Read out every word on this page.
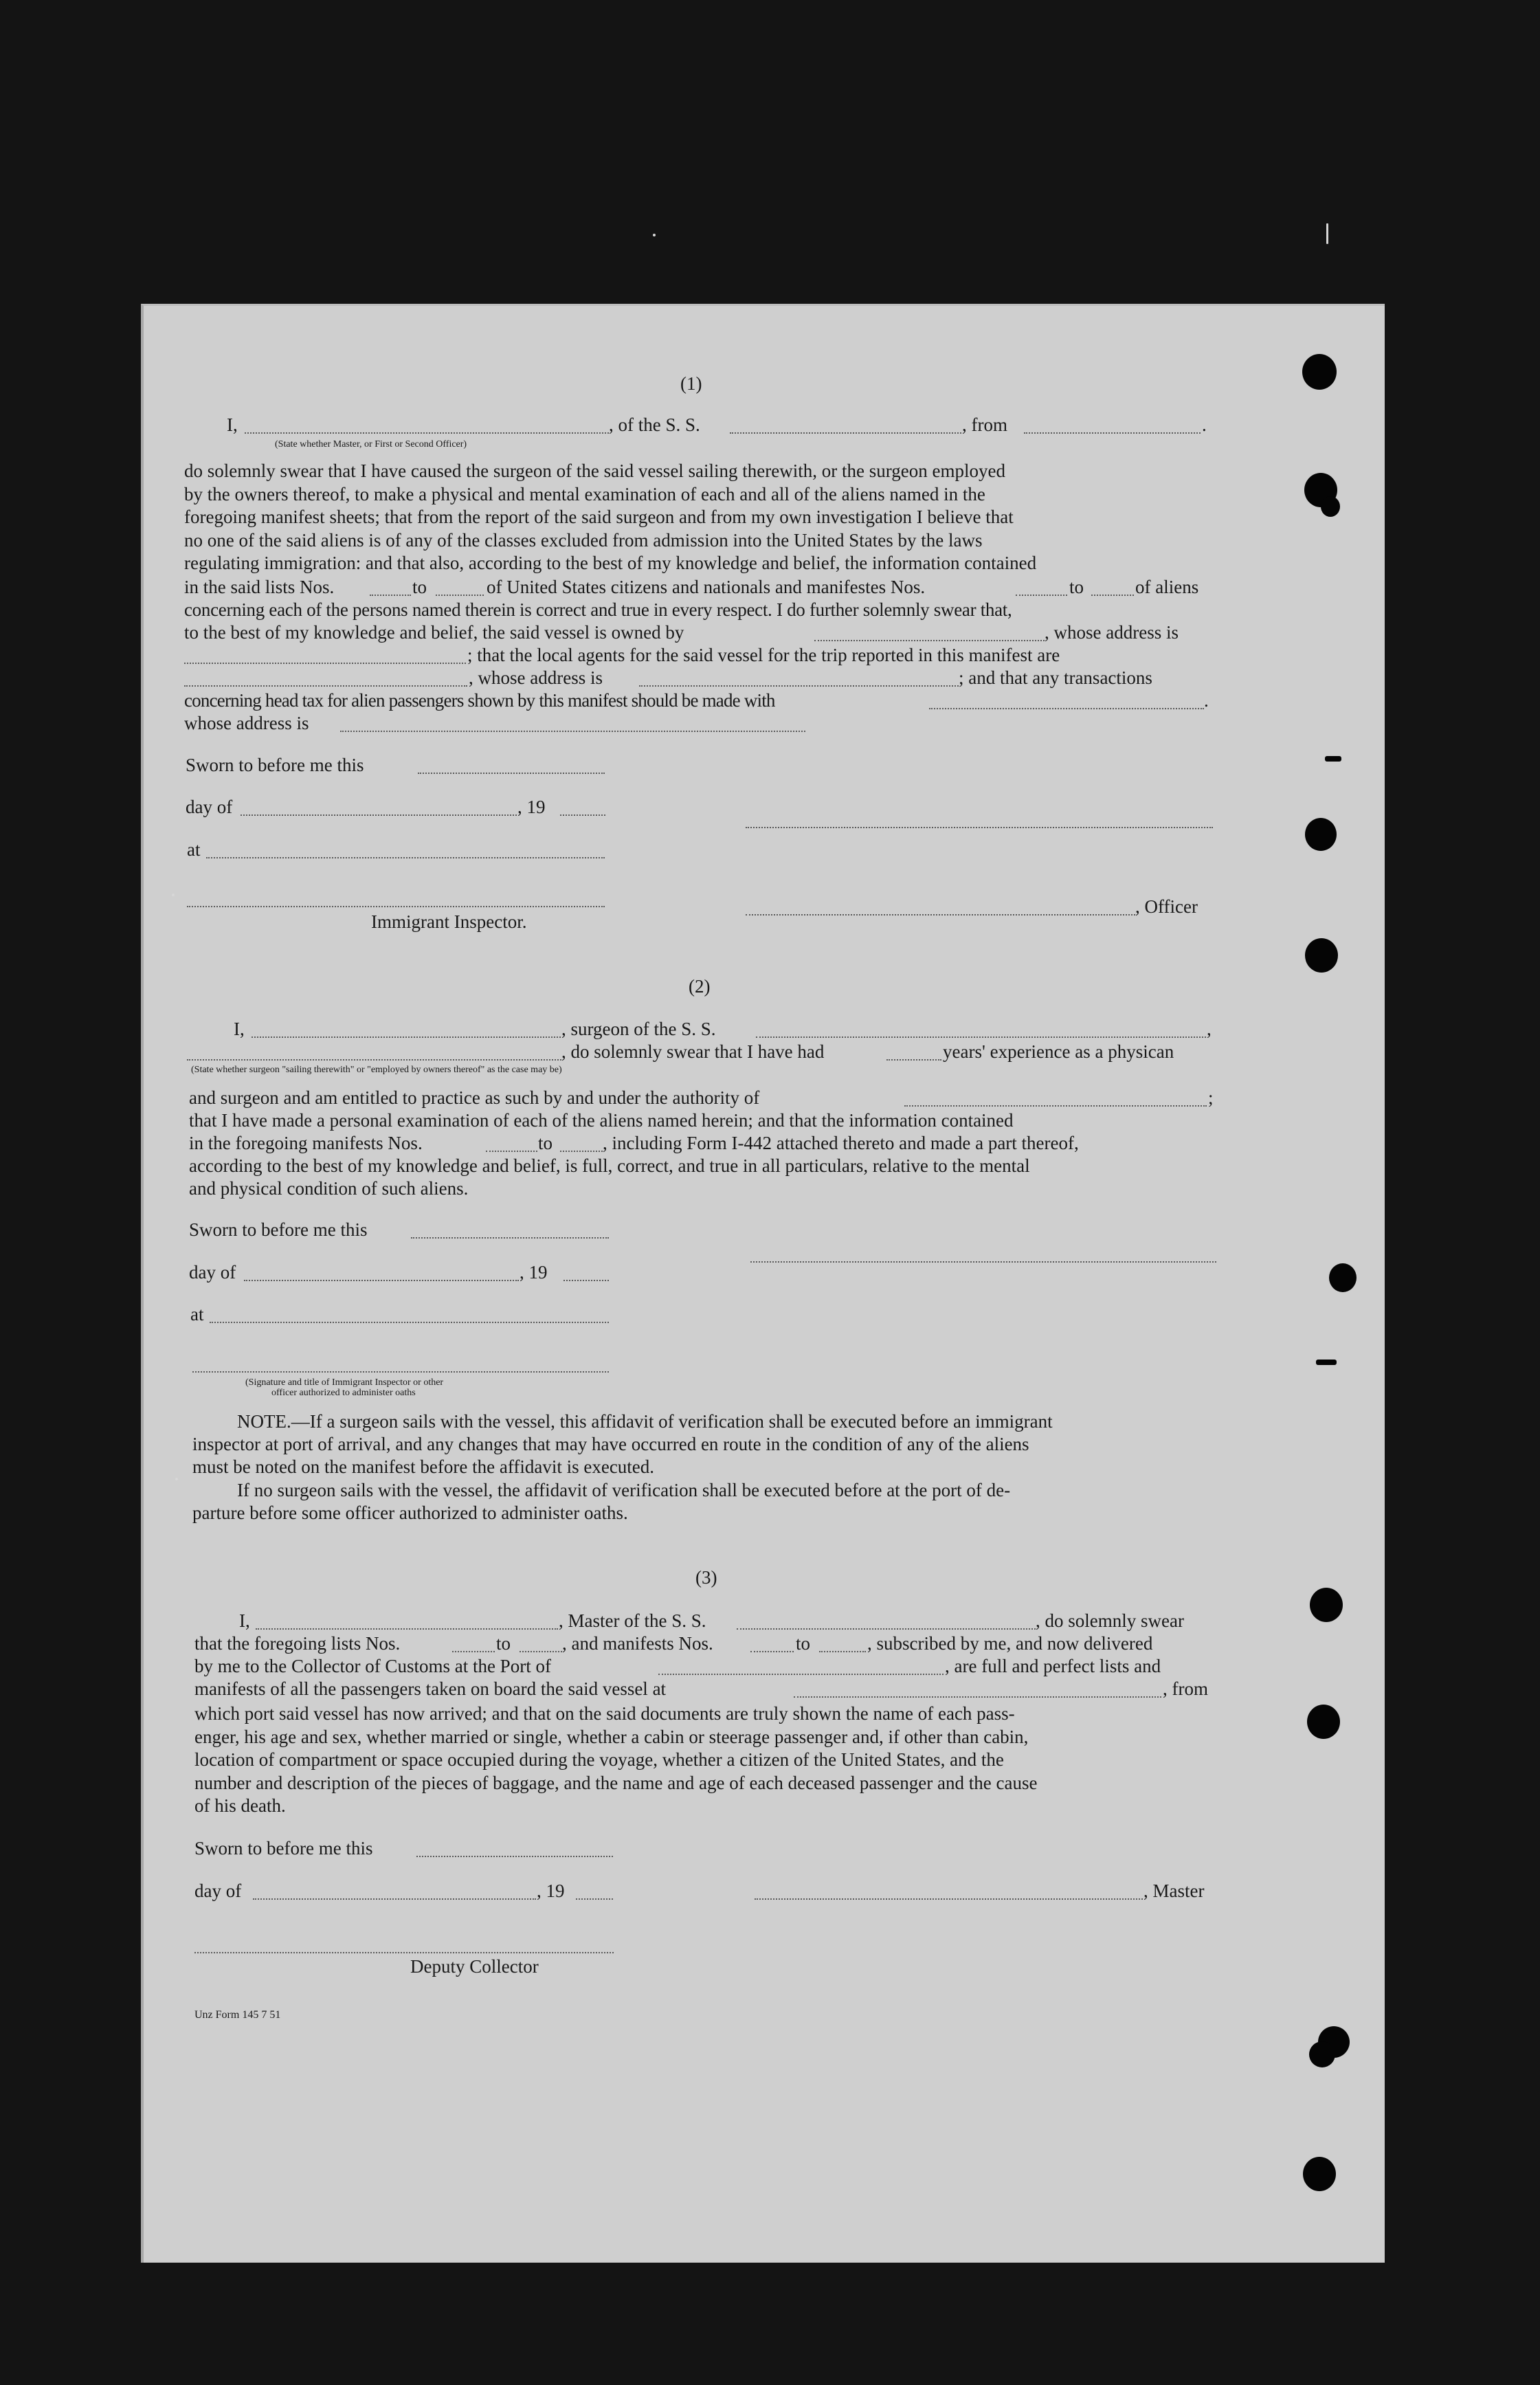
(1)
I,	, of the S. S.	, from	.
(State whether Master, or First or Second Officer)

do solemnly swear that I have caused the surgeon of the said vessel sailing therewith, or the surgeon employed

by the owners thereof, to make a physical and mental examination of each and all of the aliens named in the

foregoing manifest sheets; that from the report of the said surgeon and from my own investigation I believe that

no one of the said aliens is of any of the classes excluded from admission into the United States by the laws

regulating immigration: and that also, according to the best of my knowledge and belief, the information contained

in the said lists Nos.	to	of United States citizens and nationals and manifestes Nos.	to	of aliens
concerning each of the persons named therein is correct and true in every respect. I do further solemnly swear that,
to the best of my knowledge and belief, the said vessel is owned by	, whose address is
; that the local agents for the said vessel for the trip reported in this manifest are
, whose address is	; and that any transactions
concerning head tax for alien passengers shown by this manifest should be made with	.
whose address is
Sworn to before me this
day of	, 19
at
Immigrant Inspector.
, Officer
(2)
I,	, surgeon of the S. S.	,
, do solemnly swear that I have had	years' experience as a physican
(State whether surgeon "sailing therewith" or "employed by owners thereof" as the case may be)
and surgeon and am entitled to practice as such by and under the authority of	;
that I have made a personal examination of each of the aliens named herein; and that the information contained
in the foregoing manifests Nos.	to	, including Form I-442 attached thereto and made a part thereof,
according to the best of my knowledge and belief, is full, correct, and true in all particulars, relative to the mental
and physical condition of such aliens.
Sworn to before me this
day of	, 19
at
(Signature and title of Immigrant Inspector or other
officer authorized to administer oaths
NOTE.—If a surgeon sails with the vessel, this affidavit of verification shall be executed before an immigrant
inspector at port of arrival, and any changes that may have occurred en route in the condition of any of the aliens
must be noted on the manifest before the affidavit is executed.
If no surgeon sails with the vessel, the affidavit of verification shall be executed before at the port of de-
parture before some officer authorized to administer oaths.
(3)
I,	, Master of the S. S.	, do solemnly swear
that the foregoing lists Nos.	to	, and manifests Nos.	to	, subscribed by me, and now delivered
by me to the Collector of Customs at the Port of	, are full and perfect lists and
manifests of all the passengers taken on board the said vessel at	, from

which port said vessel has now arrived; and that on the said documents are truly shown the name of each pass-

enger, his age and sex, whether married or single, whether a cabin or steerage passenger and, if other than cabin,

location of compartment or space occupied during the voyage, whether a citizen of the United States, and the

number and description of the pieces of baggage, and the name and age of each deceased passenger and the cause

of his death.

Sworn to before me this
day of	, 19	, Master
Deputy Collector
Unz Form 145 7 51
